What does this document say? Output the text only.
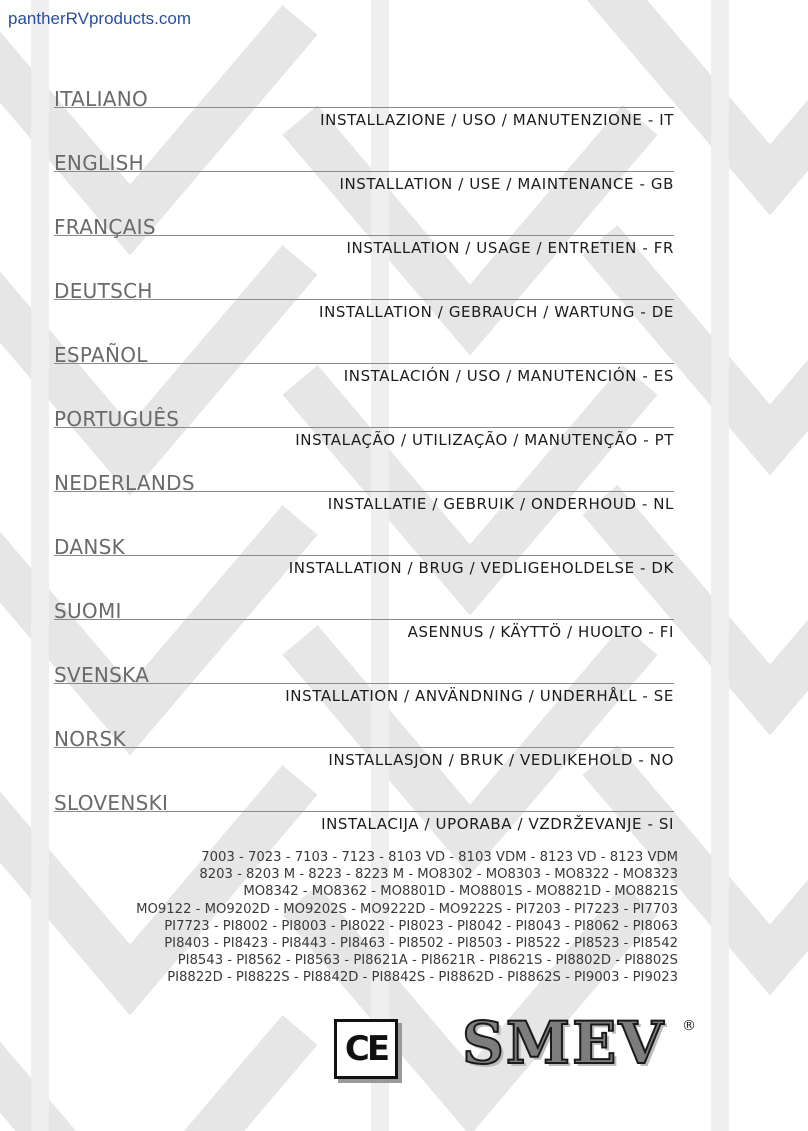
pantherRVproducts.com
ITALIANO
INSTALLAZIONE / USO / MANUTENZIONE - IT
ENGLISH
INSTALLATION / USE / MAINTENANCE - GB
FRANÇAIS
INSTALLATION / USAGE / ENTRETIEN - FR
DEUTSCH
INSTALLATION / GEBRAUCH / WARTUNG - DE
ESPAÑOL
INSTALACIÓN / USO / MANUTENCIÓN - ES
PORTUGUÊS
INSTALAÇÃO / UTILIZAÇÃO / MANUTENÇÃO - PT
NEDERLANDS
INSTALLATIE / GEBRUIK / ONDERHOUD - NL
DANSK
INSTALLATION / BRUG / VEDLIGEHOLDELSE - DK
SUOMI
ASENNUS / KÄYTTÖ / HUOLTO - FI
SVENSKA
INSTALLATION / ANVÄNDNING / UNDERHÅLL - SE
NORSK
INSTALLASJON / BRUK / VEDLIKEHOLD - NO
SLOVENSKI
INSTALACIJA / UPORABA / VZDRŽEVANJE - SI
7003 - 7023 - 7103 - 7123 - 8103 VD - 8103 VDM - 8123 VD - 8123 VDM
8203 - 8203 M - 8223 - 8223 M - MO8302 - MO8303 - MO8322 - MO8323
MO8342 - MO8362 - MO8801D - MO8801S - MO8821D - MO8821S
MO9122 - MO9202D - MO9202S - MO9222D - MO9222S - PI7203 - PI7223 - PI7703
PI7723 - PI8002 - PI8003 - PI8022 - PI8023 - PI8042 - PI8043 - PI8062 - PI8063
PI8403 - PI8423 - PI8443 - PI8463 - PI8502 - PI8503 - PI8522 - PI8523 - PI8542
PI8543 - PI8562 - PI8563 - PI8621A - PI8621R - PI8621S - PI8802D - PI8802S
PI8822D - PI8822S - PI8842D - PI8842S - PI8862D - PI8862S - PI9003 - PI9023
CE SMEV ®
